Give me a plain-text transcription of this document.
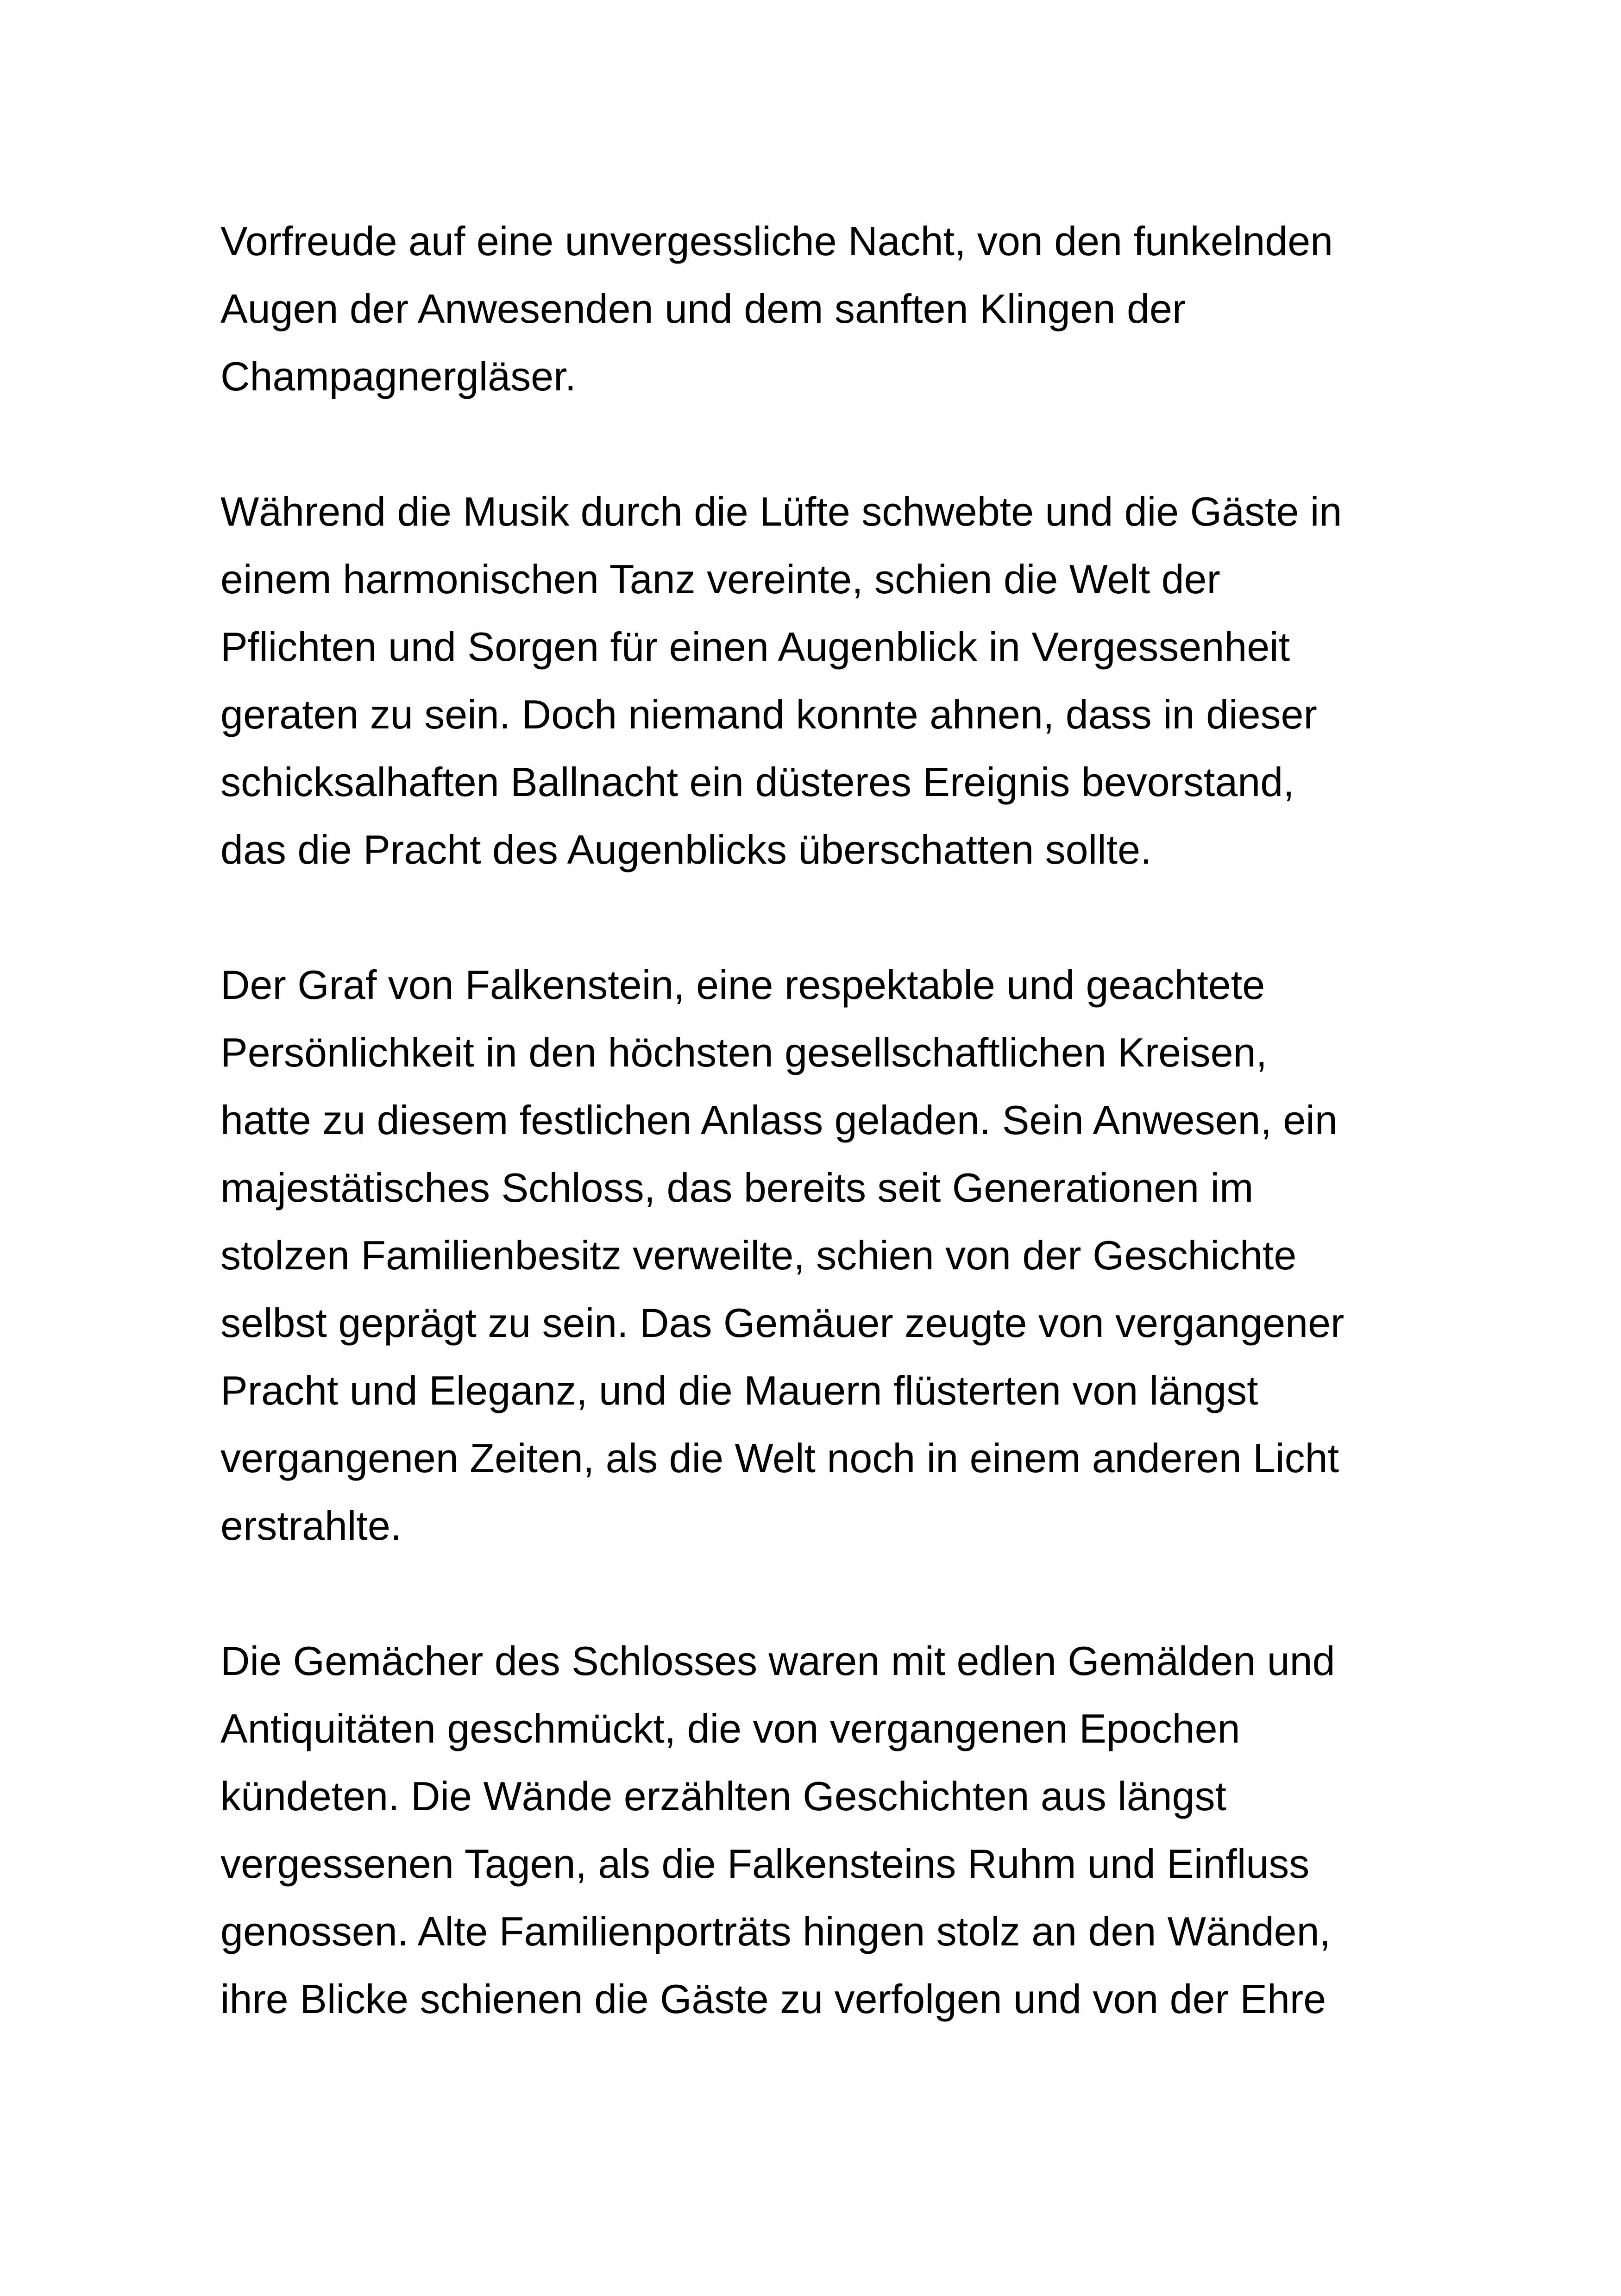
Vorfreude auf eine unvergessliche Nacht, von den funkelnden
Augen der Anwesenden und dem sanften Klingen der
Champagnergläser.

Während die Musik durch die Lüfte schwebte und die Gäste in
einem harmonischen Tanz vereinte, schien die Welt der
Pflichten und Sorgen für einen Augenblick in Vergessenheit
geraten zu sein. Doch niemand konnte ahnen, dass in dieser
schicksalhaften Ballnacht ein düsteres Ereignis bevorstand,
das die Pracht des Augenblicks überschatten sollte.

Der Graf von Falkenstein, eine respektable und geachtete
Persönlichkeit in den höchsten gesellschaftlichen Kreisen,
hatte zu diesem festlichen Anlass geladen. Sein Anwesen, ein
majestätisches Schloss, das bereits seit Generationen im
stolzen Familienbesitz verweilte, schien von der Geschichte
selbst geprägt zu sein. Das Gemäuer zeugte von vergangener
Pracht und Eleganz, und die Mauern flüsterten von längst
vergangenen Zeiten, als die Welt noch in einem anderen Licht
erstrahlte.

Die Gemächer des Schlosses waren mit edlen Gemälden und
Antiquitäten geschmückt, die von vergangenen Epochen
kündeten. Die Wände erzählten Geschichten aus längst
vergessenen Tagen, als die Falkensteins Ruhm und Einfluss
genossen. Alte Familienporträts hingen stolz an den Wänden,
ihre Blicke schienen die Gäste zu verfolgen und von der Ehre
